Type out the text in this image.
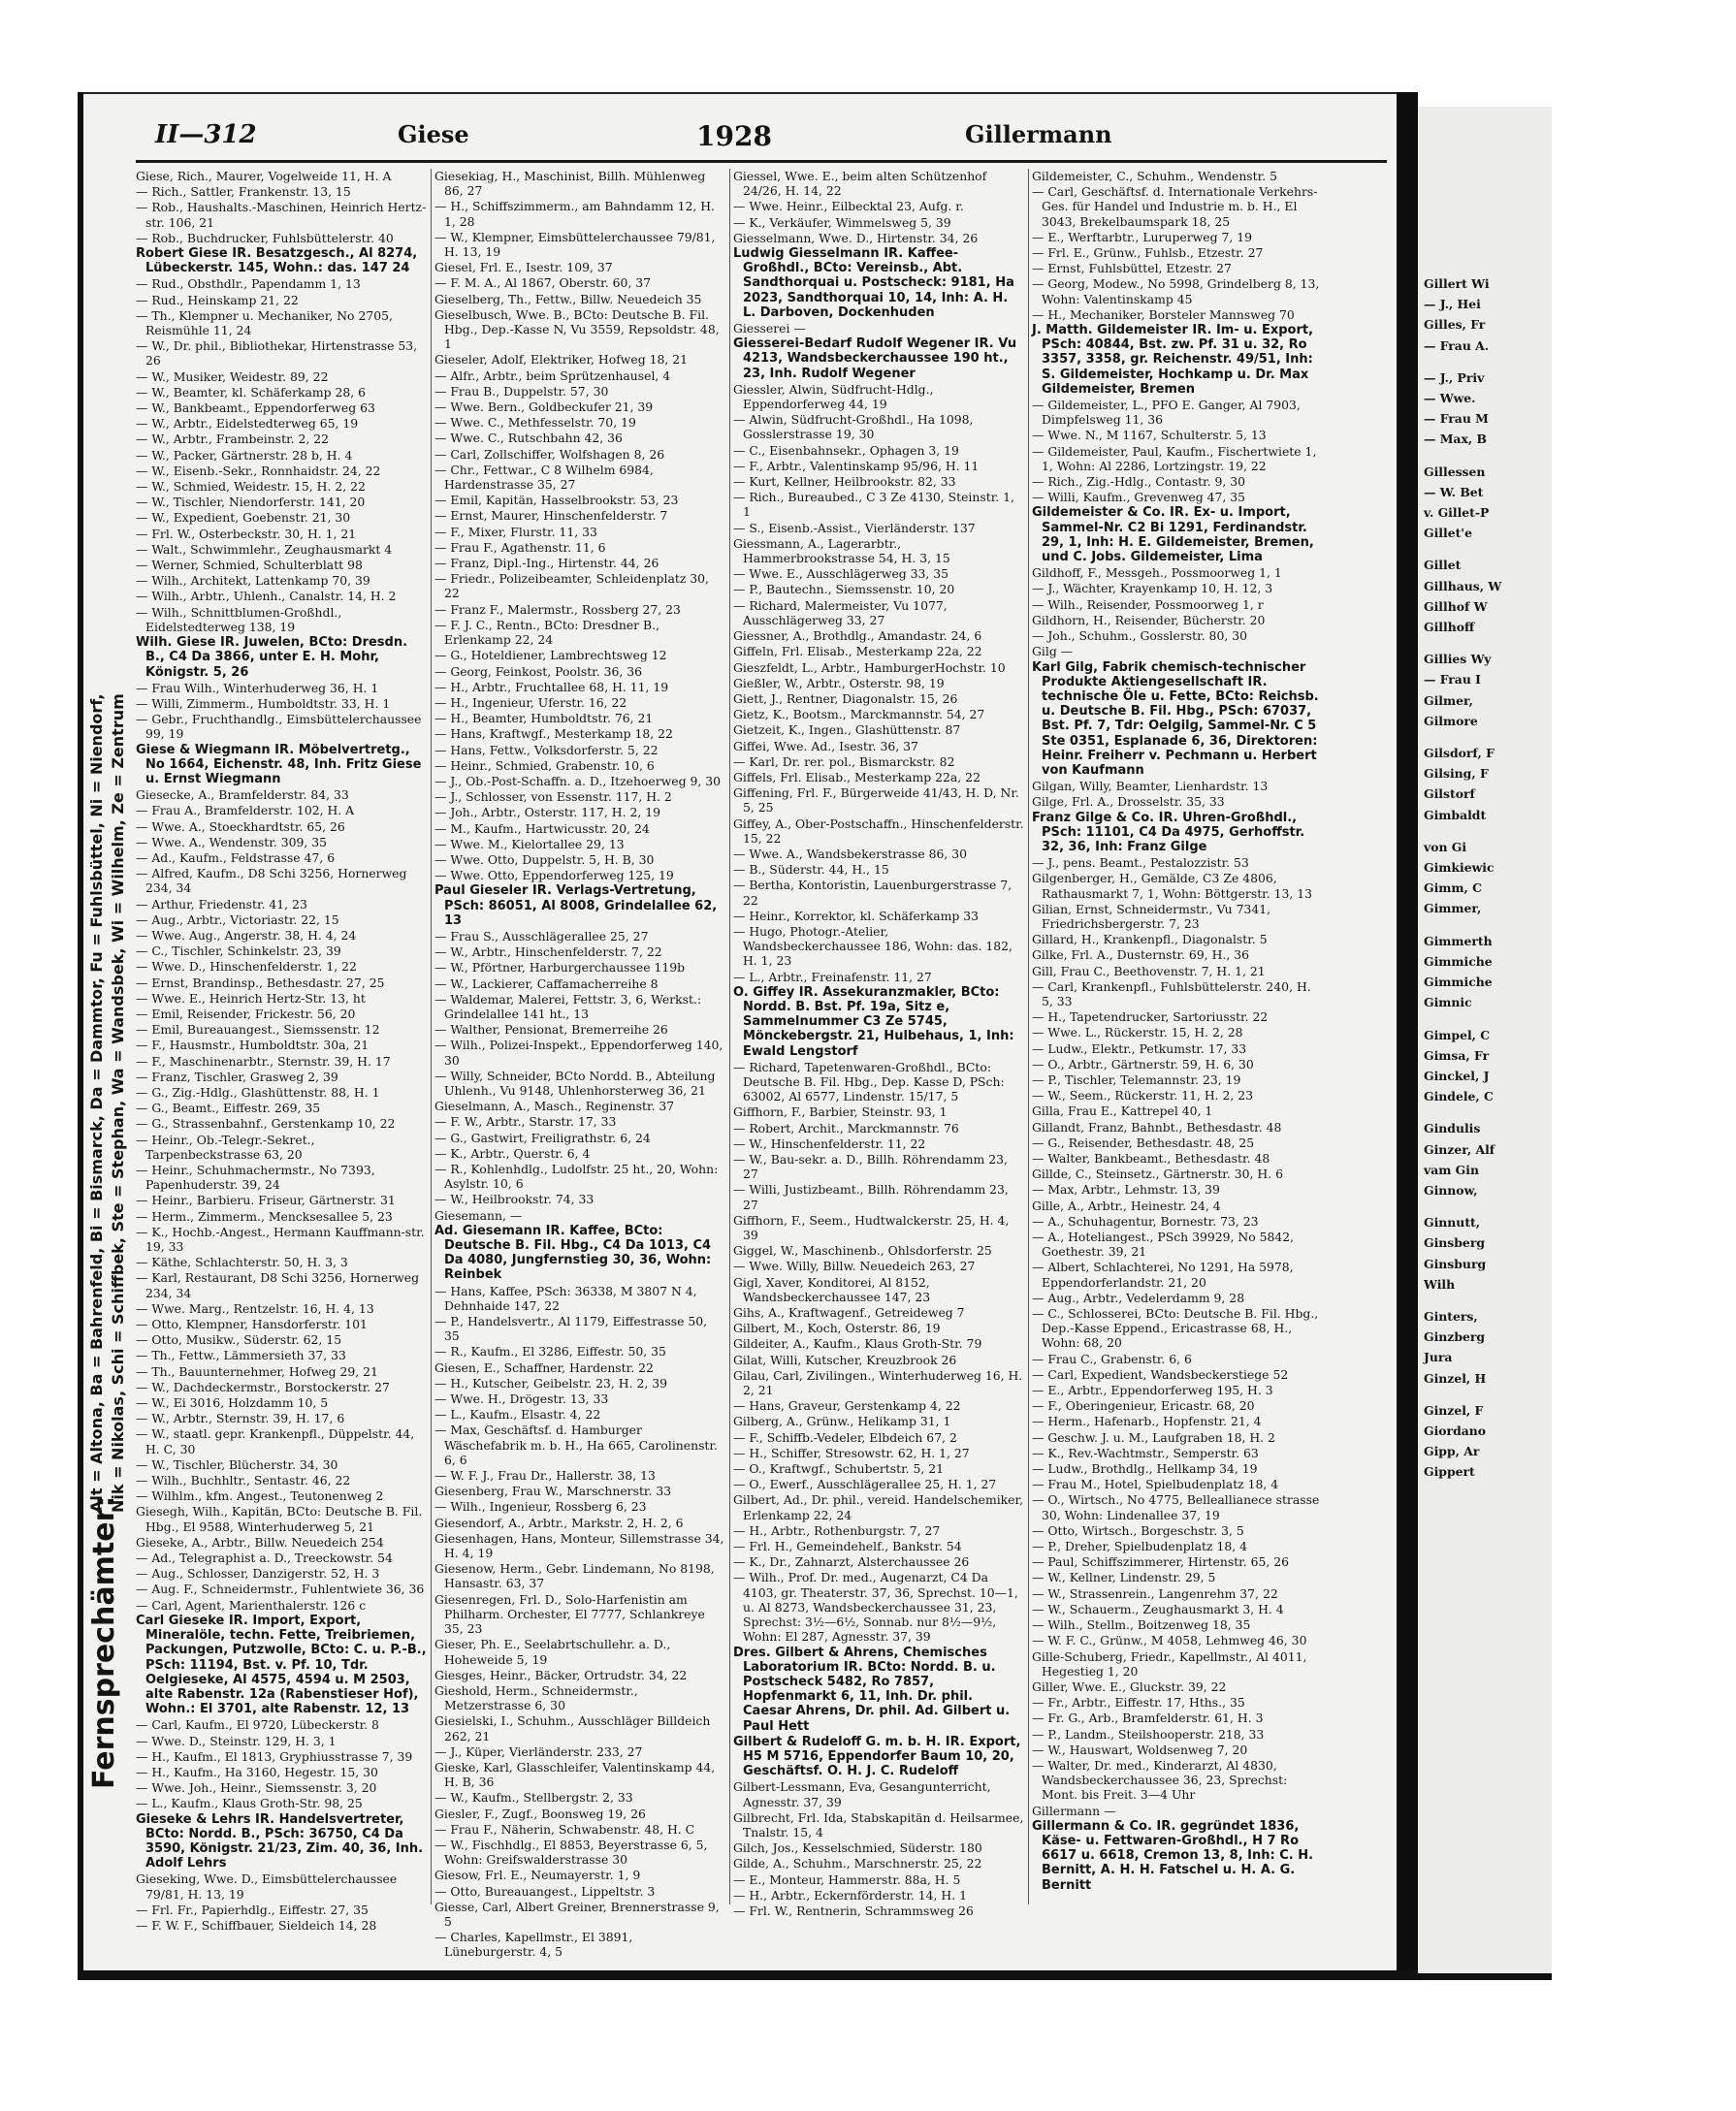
Gillert Wi
— J., Hei
Gilles, Fr
— Frau A.
— J., Priv
— Wwe.
— Frau M
— Max, B
Gillessen
— W. Bet
v. Gillet-P
Gillet'e
Gillet
Gillhaus, W
Gillhof W
Gillhoff
Gillies Wy
— Frau I
Gilmer,
Gilmore
Gilsdorf, F
Gilsing, F
Gilstorf
Gimbaldt
von Gi
Gimkiewic
Gimm, C
Gimmer,
Gimmerth
Gimmiche
Gimmiche
Gimnic
Gimpel, C
Gimsa, Fr
Ginckel, J
Gindele, C
Gindulis
Ginzer, Alf
vam Gin
Ginnow,
Ginnutt,
Ginsberg
Ginsburg
Wilh
Ginters,
Ginzberg
Jura
Ginzel, H
Ginzel, F
Giordano
Gipp, Ar
Gippert
II—312	Giese	1928	Gillermann
Fernsprechämter:
Alt = Altona, Ba = Bahrenfeld, Bi = Bismarck, Da = Dammtor, Fu = Fuhlsbüttel, Ni = Niendorf, Nik = Nikolas, Schi = Schiffbek, Ste = Stephan, Wa = Wandsbek, Wi = Wilhelm, Ze = Zentrum
Giese, Rich., Maurer, Vogelweide 11, H. A
— Rich., Sattler, Frankenstr. 13, 15
— Rob., Haushalts.-Maschinen, Heinrich Hertz-str. 106, 21
— Rob., Buchdrucker, Fuhlsbüttelerstr. 40
Robert Giese IR. Besatzgesch., Al 8274, Lübeckerstr. 145, Wohn.: das. 147 24
— Rud., Obsthdlr., Papendamm 1, 13
— Rud., Heinskamp 21, 22
— Th., Klempner u. Mechaniker, No 2705, Reismühle 11, 24
— W., Dr. phil., Bibliothekar, Hirtenstrasse 53, 26
— W., Musiker, Weidestr. 89, 22
— W., Beamter, kl. Schäferkamp 28, 6
— W., Bankbeamt., Eppendorferweg 63
— W., Arbtr., Eidelstedterweg 65, 19
— W., Arbtr., Frambeinstr. 2, 22
— W., Packer, Gärtnerstr. 28 b, H. 4
— W., Eisenb.-Sekr., Ronnhaidstr. 24, 22
— W., Schmied, Weidestr. 15, H. 2, 22
— W., Tischler, Niendorferstr. 141, 20
— W., Expedient, Goebenstr. 21, 30
— Frl. W., Osterbeckstr. 30, H. 1, 21
— Walt., Schwimmlehr., Zeughausmarkt 4
— Werner, Schmied, Schulterblatt 98
— Wilh., Architekt, Lattenkamp 70, 39
— Wilh., Arbtr., Uhlenh., Canalstr. 14, H. 2
— Wilh., Schnittblumen-Großhdl., Eidelstedterweg 138, 19
Wilh. Giese IR. Juwelen, BCto: Dresdn. B., C4 Da 3866, unter E. H. Mohr, Königstr. 5, 26
— Frau Wilh., Winterhuderweg 36, H. 1
— Willi, Zimmerm., Humboldtstr. 33, H. 1
— Gebr., Fruchthandlg., Eimsbüttelerchaussee 99, 19
Giese & Wiegmann IR. Möbelvertretg., No 1664, Eichenstr. 48, Inh. Fritz Giese u. Ernst Wiegmann
Giesecke, A., Bramfelderstr. 84, 33
— Frau A., Bramfelderstr. 102, H. A
— Wwe. A., Stoeckhardtstr. 65, 26
— Wwe. A., Wendenstr. 309, 35
— Ad., Kaufm., Feldstrasse 47, 6
— Alfred, Kaufm., D8 Schi 3256, Hornerweg 234, 34
— Arthur, Friedenstr. 41, 23
— Aug., Arbtr., Victoriastr. 22, 15
— Wwe. Aug., Angerstr. 38, H. 4, 24
— C., Tischler, Schinkelstr. 23, 39
— Wwe. D., Hinschenfelderstr. 1, 22
— Ernst, Brandinsp., Bethesdastr. 27, 25
— Wwe. E., Heinrich Hertz-Str. 13, ht
— Emil, Reisender, Frickestr. 56, 20
— Emil, Bureauangest., Siemssenstr. 12
— F., Hausmstr., Humboldtstr. 30a, 21
— F., Maschinenarbtr., Sternstr. 39, H. 17
— Franz, Tischler, Grasweg 2, 39
— G., Zig.-Hdlg., Glashüttenstr. 88, H. 1
— G., Beamt., Eiffestr. 269, 35
— G., Strassenbahnf., Gerstenkamp 10, 22
— Heinr., Ob.-Telegr.-Sekret., Tarpenbeckstrasse 63, 20
— Heinr., Schuhmachermstr., No 7393, Papenhuderstr. 39, 24
— Heinr., Barbieru. Friseur, Gärtnerstr. 31
— Herm., Zimmerm., Mencksesallee 5, 23
— K., Hochb.-Angest., Hermann Kauffmann-str. 19, 33
— Käthe, Schlachterstr. 50, H. 3, 3
— Karl, Restaurant, D8 Schi 3256, Hornerweg 234, 34
— Wwe. Marg., Rentzelstr. 16, H. 4, 13
— Otto, Klempner, Hansdorferstr. 101
— Otto, Musikw., Süderstr. 62, 15
— Th., Fettw., Lämmersieth 37, 33
— Th., Bauunternehmer, Hofweg 29, 21
— W., Dachdeckermstr., Borstockerstr. 27
— W., Ei 3016, Holzdamm 10, 5
— W., Arbtr., Sternstr. 39, H. 17, 6
— W., staatl. gepr. Krankenpfl., Düppelstr. 44, H. C, 30
— W., Tischler, Blücherstr. 34, 30
— Wilh., Buchhltr., Sentastr. 46, 22
— Wilhlm., kfm. Angest., Teutonenweg 2
Giesegh, Wilh., Kapitän, BCto: Deutsche B. Fil. Hbg., El 9588, Winterhuderweg 5, 21
Gieseke, A., Arbtr., Billw. Neuedeich 254
— Ad., Telegraphist a. D., Treeckowstr. 54
— Aug., Schlosser, Danzigerstr. 52, H. 3
— Aug. F., Schneidermstr., Fuhlentwiete 36, 36
— Carl, Agent, Marienthalerstr. 126 c
Carl Gieseke IR. Import, Export, Mineralöle, techn. Fette, Treibriemen, Packungen, Putzwolle, BCto: C. u. P.-B., PSch: 11194, Bst. v. Pf. 10, Tdr. Oelgieseke, Al 4575, 4594 u. M 2503, alte Rabenstr. 12a (Rabenstieser Hof), Wohn.: El 3701, alte Rabenstr. 12, 13
— Carl, Kaufm., El 9720, Lübeckerstr. 8
— Wwe. D., Steinstr. 129, H. 3, 1
— H., Kaufm., El 1813, Gryphiusstrasse 7, 39
— H., Kaufm., Ha 3160, Hegestr. 15, 30
— Wwe. Joh., Heinr., Siemssenstr. 3, 20
— L., Kaufm., Klaus Groth-Str. 98, 25
Gieseke & Lehrs IR. Handelsvertreter, BCto: Nordd. B., PSch: 36750, C4 Da 3590, Königstr. 21/23, Zim. 40, 36, Inh. Adolf Lehrs
Gieseking, Wwe. D., Eimsbüttelerchaussee 79/81, H. 13, 19
— Frl. Fr., Papierhdlg., Eiffestr. 27, 35
— F. W. F., Schiffbauer, Sieldeich 14, 28
Giesekiag, H., Maschinist, Billh. Mühlenweg 86, 27
— H., Schiffszimmerm., am Bahndamm 12, H. 1, 28
— W., Klempner, Eimsbüttelerchaussee 79/81, H. 13, 19
Giesel, Frl. E., Isestr. 109, 37
— F. M. A., Al 1867, Oberstr. 60, 37
Gieselberg, Th., Fettw., Billw. Neuedeich 35
Gieselbusch, Wwe. B., BCto: Deutsche B. Fil. Hbg., Dep.-Kasse N, Vu 3559, Repsoldstr. 48, 1
Gieseler, Adolf, Elektriker, Hofweg 18, 21
— Alfr., Arbtr., beim Sprützenhausel, 4
— Frau B., Duppelstr. 57, 30
— Wwe. Bern., Goldbeckufer 21, 39
— Wwe. C., Methfesselstr. 70, 19
— Wwe. C., Rutschbahn 42, 36
— Carl, Zollschiffer, Wolfshagen 8, 26
— Chr., Fettwar., C 8 Wilhelm 6984, Hardenstrasse 35, 27
— Emil, Kapitän, Hasselbrookstr. 53, 23
— Ernst, Maurer, Hinschenfelderstr. 7
— F., Mixer, Flurstr. 11, 33
— Frau F., Agathenstr. 11, 6
— Franz, Dipl.-Ing., Hirtenstr. 44, 26
— Friedr., Polizeibeamter, Schleidenplatz 30, 22
— Franz F., Malermstr., Rossberg 27, 23
— F. J. C., Rentn., BCto: Dresdner B., Erlenkamp 22, 24
— G., Hoteldiener, Lambrechtsweg 12
— Georg, Feinkost, Poolstr. 36, 36
— H., Arbtr., Fruchtallee 68, H. 11, 19
— H., Ingenieur, Uferstr. 16, 22
— H., Beamter, Humboldtstr. 76, 21
— Hans, Kraftwgf., Mesterkamp 18, 22
— Hans, Fettw., Volksdorferstr. 5, 22
— Heinr., Schmied, Grabenstr. 10, 6
— J., Ob.-Post-Schaffn. a. D., Itzehoerweg 9, 30
— J., Schlosser, von Essenstr. 117, H. 2
— Joh., Arbtr., Osterstr. 117, H. 2, 19
— M., Kaufm., Hartwicusstr. 20, 24
— Wwe. M., Kielortallee 29, 13
— Wwe. Otto, Duppelstr. 5, H. B, 30
— Wwe. Otto, Eppendorferweg 125, 19
Paul Gieseler IR. Verlags-Vertretung, PSch: 86051, Al 8008, Grindelallee 62, 13
— Frau S., Ausschlägerallee 25, 27
— W., Arbtr., Hinschenfelderstr. 7, 22
— W., Pförtner, Harburgerchaussee 119b
— W., Lackierer, Caffamacherreihe 8
— Waldemar, Malerei, Fettstr. 3, 6, Werkst.: Grindelallee 141 ht., 13
— Walther, Pensionat, Bremerreihe 26
— Wilh., Polizei-Inspekt., Eppendorferweg 140, 30
— Willy, Schneider, BCto Nordd. B., Abteilung Uhlenh., Vu 9148, Uhlenhorsterweg 36, 21
Gieselmann, A., Masch., Reginenstr. 37
— F. W., Arbtr., Starstr. 17, 33
— G., Gastwirt, Freiligrathstr. 6, 24
— K., Arbtr., Querstr. 6, 4
— R., Kohlenhdlg., Ludolfstr. 25 ht., 20, Wohn: Asylstr. 10, 6
— W., Heilbrookstr. 74, 33
Giesemann, —
Ad. Giesemann IR. Kaffee, BCto: Deutsche B. Fil. Hbg., C4 Da 1013, C4 Da 4080, Jungfernstieg 30, 36, Wohn: Reinbek
— Hans, Kaffee, PSch: 36338, M 3807 N 4, Dehnhaide 147, 22
— P., Handelsvertr., Al 1179, Eiffestrasse 50, 35
— R., Kaufm., El 3286, Eiffestr. 50, 35
Giesen, E., Schaffner, Hardenstr. 22
— H., Kutscher, Geibelstr. 23, H. 2, 39
— Wwe. H., Drögestr. 13, 33
— L., Kaufm., Elsastr. 4, 22
— Max, Geschäftsf. d. Hamburger Wäschefabrik m. b. H., Ha 665, Carolinenstr. 6, 6
— W. F. J., Frau Dr., Hallerstr. 38, 13
Giesenberg, Frau W., Marschnerstr. 33
— Wilh., Ingenieur, Rossberg 6, 23
Giesendorf, A., Arbtr., Markstr. 2, H. 2, 6
Giesenhagen, Hans, Monteur, Sillemstrasse 34, H. 4, 19
Giesenow, Herm., Gebr. Lindemann, No 8198, Hansastr. 63, 37
Giesenregen, Frl. D., Solo-Harfenistin am Philharm. Orchester, El 7777, Schlankreye 35, 23
Gieser, Ph. E., Seelabrtschullehr. a. D., Hoheweide 5, 19
Giesges, Heinr., Bäcker, Ortrudstr. 34, 22
Gieshold, Herm., Schneidermstr., Metzerstrasse 6, 30
Giesielski, I., Schuhm., Ausschläger Billdeich 262, 21
— J., Küper, Vierländerstr. 233, 27
Gieske, Karl, Glasschleifer, Valentinskamp 44, H. B, 36
— W., Kaufm., Stellbergstr. 2, 33
Giesler, F., Zugf., Boonsweg 19, 26
— Frau F., Näherin, Schwabenstr. 48, H. C
— W., Fischhdlg., El 8853, Beyerstrasse 6, 5, Wohn: Greifswalderstrasse 30
Giesow, Frl. E., Neumayerstr. 1, 9
— Otto, Bureauangest., Lippeltstr. 3
Giesse, Carl, Albert Greiner, Brennerstrasse 9, 5
— Charles, Kapellmstr., El 3891, Lüneburgerstr. 4, 5
Giessel, Wwe. E., beim alten Schützenhof 24/26, H. 14, 22
— Wwe. Heinr., Eilbecktal 23, Aufg. r.
— K., Verkäufer, Wimmelsweg 5, 39
Giesselmann, Wwe. D., Hirtenstr. 34, 26
Ludwig Giesselmann IR. Kaffee-Großhdl., BCto: Vereinsb., Abt. Sandthorquai u. Postscheck: 9181, Ha 2023, Sandthorquai 10, 14, Inh: A. H. L. Darboven, Dockenhuden
Giesserei —
Giesserei-Bedarf Rudolf Wegener IR. Vu 4213, Wandsbeckerchaussee 190 ht., 23, Inh. Rudolf Wegener
Giessler, Alwin, Südfrucht-Hdlg., Eppendorferweg 44, 19
— Alwin, Südfrucht-Großhdl., Ha 1098, Gosslerstrasse 19, 30
— C., Eisenbahnsekr., Ophagen 3, 19
— F., Arbtr., Valentinskamp 95/96, H. 11
— Kurt, Kellner, Heilbrookstr. 82, 33
— Rich., Bureaubed., C 3 Ze 4130, Steinstr. 1, 1
— S., Eisenb.-Assist., Vierländerstr. 137
Giessmann, A., Lagerarbtr., Hammerbrookstrasse 54, H. 3, 15
— Wwe. E., Ausschlägerweg 33, 35
— P., Bautechn., Siemssenstr. 10, 20
— Richard, Malermeister, Vu 1077, Ausschlägerweg 33, 27
Giessner, A., Brothdlg., Amandastr. 24, 6
Giffeln, Frl. Elisab., Mesterkamp 22a, 22
Gieszfeldt, L., Arbtr., HamburgerHochstr. 10
Gießler, W., Arbtr., Osterstr. 98, 19
Giett, J., Rentner, Diagonalstr. 15, 26
Gietz, K., Bootsm., Marckmannstr. 54, 27
Gietzeit, K., Ingen., Glashüttenstr. 87
Giffei, Wwe. Ad., Isestr. 36, 37
— Karl, Dr. rer. pol., Bismarckstr. 82
Giffels, Frl. Elisab., Mesterkamp 22a, 22
Giffening, Frl. F., Bürgerweide 41/43, H. D, Nr. 5, 25
Giffey, A., Ober-Postschaffn., Hinschenfelderstr. 15, 22
— Wwe. A., Wandsbekerstrasse 86, 30
— B., Süderstr. 44, H., 15
— Bertha, Kontoristin, Lauenburgerstrasse 7, 22
— Heinr., Korrektor, kl. Schäferkamp 33
— Hugo, Photogr.-Atelier, Wandsbeckerchaussee 186, Wohn: das. 182, H. 1, 23
— L., Arbtr., Freinafenstr. 11, 27
O. Giffey IR. Assekuranzmakler, BCto: Nordd. B. Bst. Pf. 19a, Sitz e, Sammelnummer C3 Ze 5745, Mönckebergstr. 21, Hulbehaus, 1, Inh: Ewald Lengstorf
— Richard, Tapetenwaren-Großhdl., BCto: Deutsche B. Fil. Hbg., Dep. Kasse D, PSch: 63002, Al 6577, Lindenstr. 15/17, 5
Giffhorn, F., Barbier, Steinstr. 93, 1
— Robert, Archit., Marckmannstr. 76
— W., Hinschenfelderstr. 11, 22
— W., Bau-sekr. a. D., Billh. Röhrendamm 23, 27
— Willi, Justizbeamt., Billh. Röhrendamm 23, 27
Giffhorn, F., Seem., Hudtwalckerstr. 25, H. 4, 39
Giggel, W., Maschinenb., Ohlsdorferstr. 25
— Wwe. Willy, Billw. Neuedeich 263, 27
Gigl, Xaver, Konditorei, Al 8152, Wandsbeckerchaussee 147, 23
Gihs, A., Kraftwagenf., Getreideweg 7
Gilbert, M., Koch, Osterstr. 86, 19
Gildeiter, A., Kaufm., Klaus Groth-Str. 79
Gilat, Willi, Kutscher, Kreuzbrook 26
Gilau, Carl, Zivilingen., Winterhuderweg 16, H. 2, 21
— Hans, Graveur, Gerstenkamp 4, 22
Gilberg, A., Grünw., Helikamp 31, 1
— F., Schiffb.-Vedeler, Elbdeich 67, 2
— H., Schiffer, Stresowstr. 62, H. 1, 27
— O., Kraftwgf., Schubertstr. 5, 21
— O., Ewerf., Ausschlägerallee 25, H. 1, 27
Gilbert, Ad., Dr. phil., vereid. Handelschemiker, Erlenkamp 22, 24
— H., Arbtr., Rothenburgstr. 7, 27
— Frl. H., Gemeindehelf., Bankstr. 54
— K., Dr., Zahnarzt, Alsterchaussee 26
— Wilh., Prof. Dr. med., Augenarzt, C4 Da 4103, gr. Theaterstr. 37, 36, Sprechst. 10—1, u. Al 8273, Wandsbeckerchaussee 31, 23, Sprechst: 3½—6½, Sonnab. nur 8½—9½, Wohn: El 287, Agnesstr. 37, 39
Dres. Gilbert & Ahrens, Chemisches Laboratorium IR. BCto: Nordd. B. u. Postscheck 5482, Ro 7857, Hopfenmarkt 6, 11, Inh. Dr. phil. Caesar Ahrens, Dr. phil. Ad. Gilbert u. Paul Hett
Gilbert & Rudeloff G. m. b. H. IR. Export, H5 M 5716, Eppendorfer Baum 10, 20, Geschäftsf. O. H. J. C. Rudeloff
Gilbert-Lessmann, Eva, Gesangunterricht, Agnesstr. 37, 39
Gilbrecht, Frl. Ida, Stabskapitän d. Heilsarmee, Tnalstr. 15, 4
Gilch, Jos., Kesselschmied, Süderstr. 180
Gilde, A., Schuhm., Marschnerstr. 25, 22
— E., Monteur, Hammerstr. 88a, H. 5
— H., Arbtr., Eckernförderstr. 14, H. 1
— Frl. W., Rentnerin, Schrammsweg 26
Gildemeister, C., Schuhm., Wendenstr. 5
— Carl, Geschäftsf. d. Internationale Verkehrs-Ges. für Handel und Industrie m. b. H., El 3043, Brekelbaumspark 18, 25
— E., Werftarbtr., Luruperweg 7, 19
— Frl. E., Grünw., Fuhlsb., Etzestr. 27
— Ernst, Fuhlsbüttel, Etzestr. 27
— Georg, Modew., No 5998, Grindelberg 8, 13, Wohn: Valentinskamp 45
— H., Mechaniker, Borsteler Mannsweg 70
J. Matth. Gildemeister IR. Im- u. Export, PSch: 40844, Bst. zw. Pf. 31 u. 32, Ro 3357, 3358, gr. Reichenstr. 49/51, Inh: S. Gildemeister, Hochkamp u. Dr. Max Gildemeister, Bremen
— Gildemeister, L., PFO E. Ganger, Al 7903, Dimpfelsweg 11, 36
— Wwe. N., M 1167, Schulterstr. 5, 13
— Gildemeister, Paul, Kaufm., Fischertwiete 1, 1, Wohn: Al 2286, Lortzingstr. 19, 22
— Rich., Zig.-Hdlg., Contastr. 9, 30
— Willi, Kaufm., Grevenweg 47, 35
Gildemeister & Co. IR. Ex- u. Import, Sammel-Nr. C2 Bi 1291, Ferdinandstr. 29, 1, Inh: H. E. Gildemeister, Bremen, und C. Jobs. Gildemeister, Lima
Gildhoff, F., Messgeh., Possmoorweg 1, 1
— J., Wächter, Krayenkamp 10, H. 12, 3
— Wilh., Reisender, Possmoorweg 1, r
Gildhorn, H., Reisender, Bücherstr. 20
— Joh., Schuhm., Gosslerstr. 80, 30
Gilg —
Karl Gilg, Fabrik chemisch-technischer Produkte Aktiengesellschaft IR. technische Öle u. Fette, BCto: Reichsb. u. Deutsche B. Fil. Hbg., PSch: 67037, Bst. Pf. 7, Tdr: Oelgilg, Sammel-Nr. C 5 Ste 0351, Esplanade 6, 36, Direktoren: Heinr. Freiherr v. Pechmann u. Herbert von Kaufmann
Gilgan, Willy, Beamter, Lienhardstr. 13
Gilge, Frl. A., Drosselstr. 35, 33
Franz Gilge & Co. IR. Uhren-Großhdl., PSch: 11101, C4 Da 4975, Gerhoffstr. 32, 36, Inh: Franz Gilge
— J., pens. Beamt., Pestalozzistr. 53
Gilgenberger, H., Gemälde, C3 Ze 4806, Rathausmarkt 7, 1, Wohn: Böttgerstr. 13, 13
Gilian, Ernst, Schneidermstr., Vu 7341, Friedrichsbergerstr. 7, 23
Gillard, H., Krankenpfl., Diagonalstr. 5
Gilke, Frl. A., Dusternstr. 69, H., 36
Gill, Frau C., Beethovenstr. 7, H. 1, 21
— Carl, Krankenpfl., Fuhlsbüttelerstr. 240, H. 5, 33
— H., Tapetendrucker, Sartoriusstr. 22
— Wwe. L., Rückerstr. 15, H. 2, 28
— Ludw., Elektr., Petkumstr. 17, 33
— O., Arbtr., Gärtnerstr. 59, H. 6, 30
— P., Tischler, Telemannstr. 23, 19
— W., Seem., Rückerstr. 11, H. 2, 23
Gilla, Frau E., Kattrepel 40, 1
Gillandt, Franz, Bahnbt., Bethesdastr. 48
— G., Reisender, Bethesdastr. 48, 25
— Walter, Bankbeamt., Bethesdastr. 48
Gillde, C., Steinsetz., Gärtnerstr. 30, H. 6
— Max, Arbtr., Lehmstr. 13, 39
Gille, A., Arbtr., Heinestr. 24, 4
— A., Schuhagentur, Bornestr. 73, 23
— A., Hoteliangest., PSch 39929, No 5842, Goethestr. 39, 21
— Albert, Schlachterei, No 1291, Ha 5978, Eppendorferlandstr. 21, 20
— Aug., Arbtr., Vedelerdamm 9, 28
— C., Schlosserei, BCto: Deutsche B. Fil. Hbg., Dep.-Kasse Eppend., Ericastrasse 68, H., Wohn: 68, 20
— Frau C., Grabenstr. 6, 6
— Carl, Expedient, Wandsbeckerstiege 52
— E., Arbtr., Eppendorferweg 195, H. 3
— F., Oberingenieur, Ericastr. 68, 20
— Herm., Hafenarb., Hopfenstr. 21, 4
— Geschw. J. u. M., Laufgraben 18, H. 2
— K., Rev.-Wachtmstr., Semperstr. 63
— Ludw., Brothdlg., Hellkamp 34, 19
— Frau M., Hotel, Spielbudenplatz 18, 4
— O., Wirtsch., No 4775, Belleallianece strasse 30, Wohn: Lindenallee 37, 19
— Otto, Wirtsch., Borgeschstr. 3, 5
— P., Dreher, Spielbudenplatz 18, 4
— Paul, Schiffszimmerer, Hirtenstr. 65, 26
— W., Kellner, Lindenstr. 29, 5
— W., Strassenrein., Langenrehm 37, 22
— W., Schauerm., Zeughausmarkt 3, H. 4
— Wilh., Stellm., Boitzenweg 18, 35
— W. F. C., Grünw., M 4058, Lehmweg 46, 30
Gille-Schuberg, Friedr., Kapellmstr., Al 4011, Hegestieg 1, 20
Giller, Wwe. E., Gluckstr. 39, 22
— Fr., Arbtr., Eiffestr. 17, Hths., 35
— Fr. G., Arb., Bramfelderstr. 61, H. 3
— P., Landm., Steilshooperstr. 218, 33
— W., Hauswart, Woldsenweg 7, 20
— Walter, Dr. med., Kinderarzt, Al 4830, Wandsbeckerchaussee 36, 23, Sprechst: Mont. bis Freit. 3—4 Uhr
Gillermann —
Gillermann & Co. IR. gegründet 1836, Käse- u. Fettwaren-Großhdl., H 7 Ro 6617 u. 6618, Cremon 13, 8, Inh: C. H. Bernitt, A. H. H. Fatschel u. H. A. G. Bernitt
